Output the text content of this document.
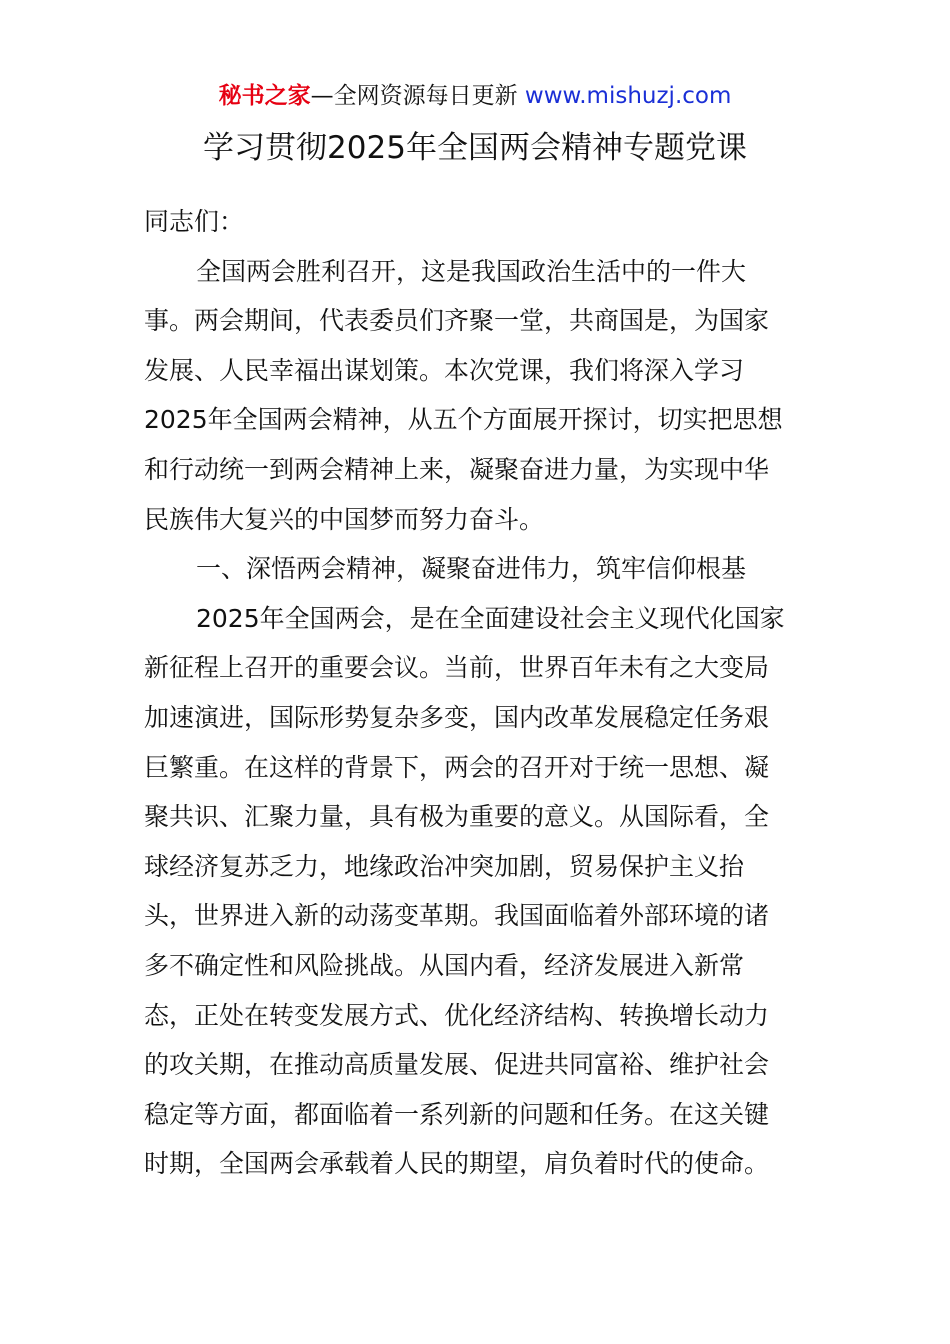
秘书之家—全网资源每日更新 www.mishuzj.com
学习贯彻2025年全国两会精神专题党课
同志们：
全国两会胜利召开，这是我国政治生活中的一件大
事。两会期间，代表委员们齐聚一堂，共商国是，为国家
发展、人民幸福出谋划策。本次党课，我们将深入学习
2025年全国两会精神，从五个方面展开探讨，切实把思想
和行动统一到两会精神上来，凝聚奋进力量，为实现中华
民族伟大复兴的中国梦而努力奋斗。
一、深悟两会精神，凝聚奋进伟力，筑牢信仰根基
2025年全国两会，是在全面建设社会主义现代化国家
新征程上召开的重要会议。当前，世界百年未有之大变局
加速演进，国际形势复杂多变，国内改革发展稳定任务艰
巨繁重。在这样的背景下，两会的召开对于统一思想、凝
聚共识、汇聚力量，具有极为重要的意义。从国际看，全
球经济复苏乏力，地缘政治冲突加剧，贸易保护主义抬
头，世界进入新的动荡变革期。我国面临着外部环境的诸
多不确定性和风险挑战。从国内看，经济发展进入新常
态，正处在转变发展方式、优化经济结构、转换增长动力
的攻关期，在推动高质量发展、促进共同富裕、维护社会
稳定等方面，都面临着一系列新的问题和任务。在这关键
时期，全国两会承载着人民的期望，肩负着时代的使命。
